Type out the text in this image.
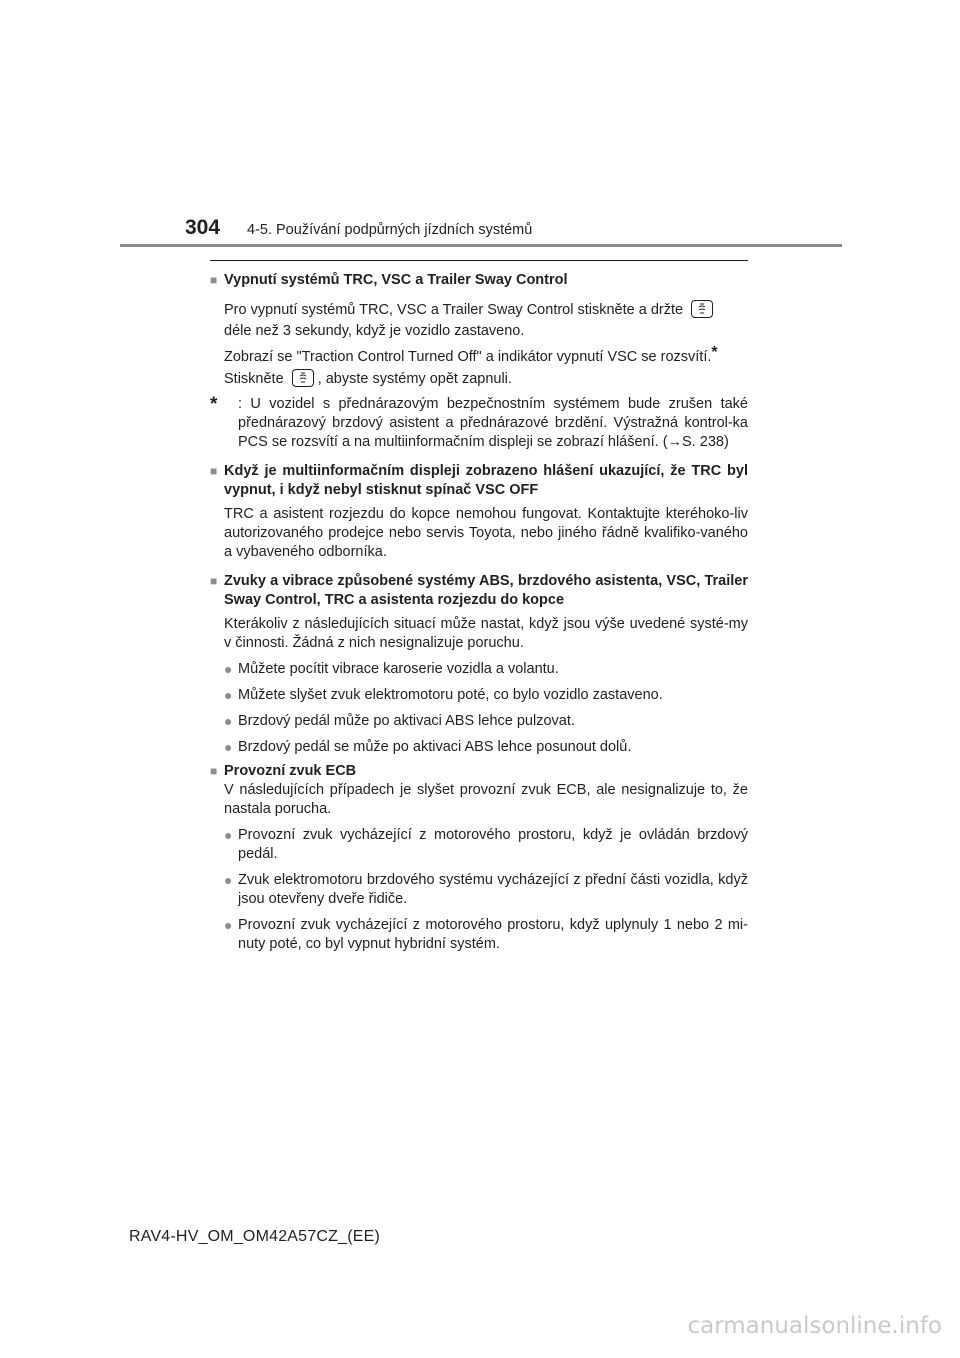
304 4-5. Používání podpůrných jízdních systémů
■ Vypnutí systémů TRC, VSC a Trailer Sway Control
Pro vypnutí systémů TRC, VSC a Trailer Sway Control stiskněte a držte
déle než 3 sekundy, když je vozidlo zastaveno.
Zobrazí se "Traction Control Turned Off" a indikátor vypnutí VSC se rozsvítí.*
Stiskněte , abyste systémy opět zapnuli.
*	: U vozidel s přednárazovým bezpečnostním systémem bude zrušen také přednárazový brzdový asistent a přednárazové brzdění. Výstražná kontrol-ka PCS se rozsvítí a na multiinformačním displeji se zobrazí hlášení. (→S. 238)
■ Když je multiinformačním displeji zobrazeno hlášení ukazující, že TRC byl vypnut, i když nebyl stisknut spínač VSC OFF
TRC a asistent rozjezdu do kopce nemohou fungovat. Kontaktujte kteréhoko-liv autorizovaného prodejce nebo servis Toyota, nebo jiného řádně kvalifiko-vaného a vybaveného odborníka.
■ Zvuky a vibrace způsobené systémy ABS, brzdového asistenta, VSC, Trailer Sway Control, TRC a asistenta rozjezdu do kopce
Kterákoliv z následujících situací může nastat, když jsou výše uvedené systé-my v činnosti. Žádná z nich nesignalizuje poruchu.
● Můžete pocítit vibrace karoserie vozidla a volantu.
● Můžete slyšet zvuk elektromotoru poté, co bylo vozidlo zastaveno.
● Brzdový pedál může po aktivaci ABS lehce pulzovat.
● Brzdový pedál se může po aktivaci ABS lehce posunout dolů.
■ Provozní zvuk ECB
V následujících případech je slyšet provozní zvuk ECB, ale nesignalizuje to, že nastala porucha.
● Provozní zvuk vycházející z motorového prostoru, když je ovládán brzdový pedál.
● Zvuk elektromotoru brzdového systému vycházející z přední části vozidla, když jsou otevřeny dveře řidiče.
● Provozní zvuk vycházející z motorového prostoru, když uplynuly 1 nebo 2 mi-nuty poté, co byl vypnut hybridní systém.
RAV4-HV_OM_OM42A57CZ_(EE)
carmanualsonline.info
